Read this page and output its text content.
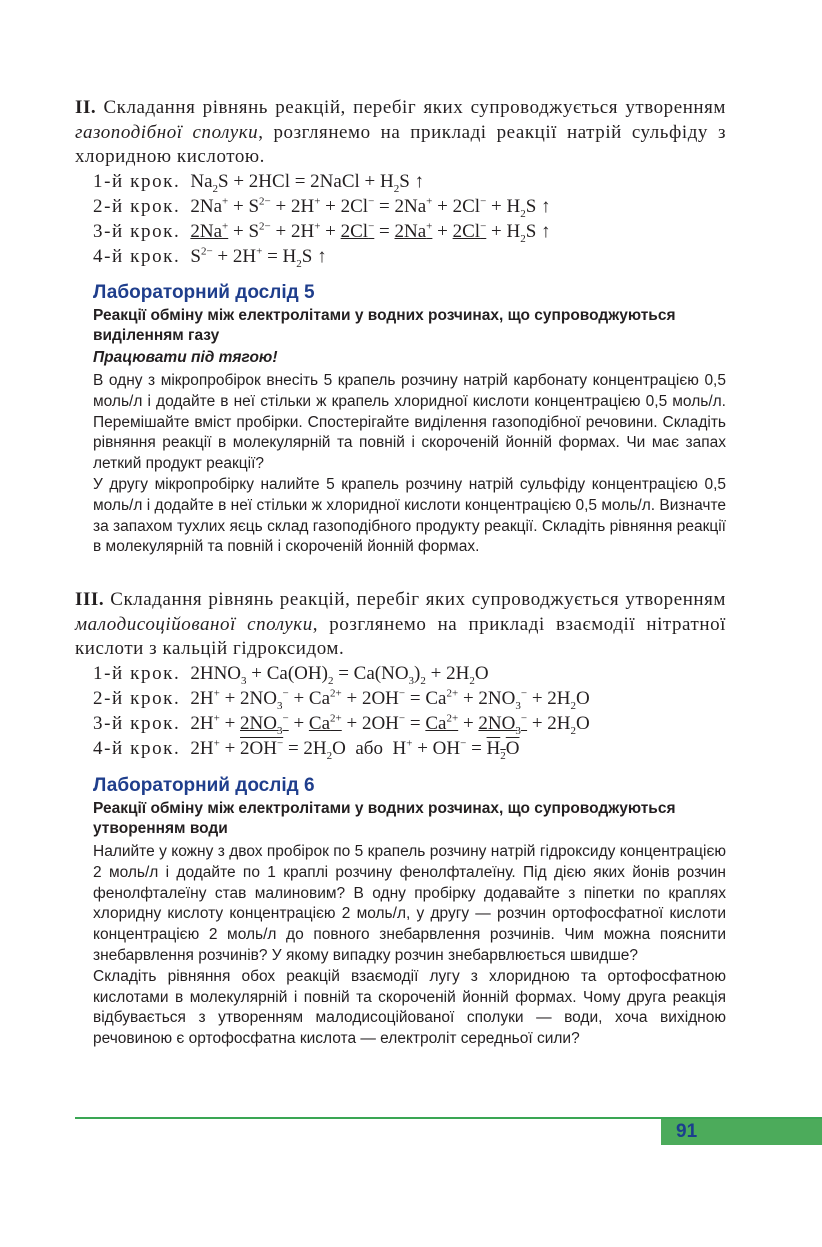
II. Складання рівнянь реакцій, перебіг яких супроводжується утворенням газоподібної сполуки, розглянемо на прикладі реакції натрій сульфіду з хлоридною кислотою.
1-й крок. $Na_2S + 2HCl$ = 2NaCl + $H_2S$ ↑
2-й крок. $2Na^+ + S^{2-} + 2H^+ + 2Cl^- = 2Na^+ + 2Cl^- + H_2S$ ↑
3-й крок. $2Na^+ + S^{2-} + 2H^+ + 2Cl^- = 2Na^+ + 2Cl^- + H_2S$ ↑
4-й крок. $S^{2-} + 2H^+ = H_2S$ ↑
Лабораторний дослід 5
Реакції обміну між електролітами у водних розчинах, що супроводжуються виділенням газу
Працювати під тягою!

В одну з мікропробірок внесіть 5 крапель розчину натрій карбонату концентрацією 0,5 моль/л і додайте в неї стільки ж крапель хлоридної кислоти концентрацією 0,5 моль/л. Перемішайте вміст пробірки. Спостерігайте виділення газоподібної речовини. Складіть рівняння реакції в молекулярній та повній і скороченій йонній формах. Чи має запах леткий продукт реакції?

У другу мікропробірку налийте 5 крапель розчину натрій сульфіду концентрацією 0,5 моль/л і додайте в неї стільки ж хлоридної кислоти концентрацією 0,5 моль/л. Визначте за запахом тухлих яєць склад газоподібного продукту реакції. Складіть рівняння реакції в молекулярній та повній і скороченій йонній формах.

III. Складання рівнянь реакцій, перебіг яких супроводжується утворенням малодисоційованої сполуки, розглянемо на прикладі взаємодії нітратної кислоти з кальцій гідроксидом.
1-й крок. $2HNO_3 + Ca(OH)_2 = Ca(NO_3)_2 + 2H_2O$
2-й крок. $2H^+ + 2NO_3^- + Ca^{2+} + 2OH^- = Ca^{2+} + 2NO_3^- + 2H_2O$
3-й крок. $2H^+ + 2NO_3^- + Ca^{2+} + 2OH^- = Ca^{2+} + 2NO_3^- + 2H_2O$
4-й крок. $2H^+ + 2OH^- = 2H_2O$  або  $H^+ + OH^- = H_2O$
Лабораторний дослід 6
Реакції обміну між електролітами у водних розчинах, що супроводжуються утворенням води

Налийте у кожну з двох пробірок по 5 крапель розчину натрій гідроксиду концентрацією 2 моль/л і додайте по 1 краплі розчину фенолфталеїну. Під дією яких йонів розчин фенолфталеїну став малиновим? В одну пробірку додавайте з піпетки по краплях хлоридну кислоту концентрацією 2 моль/л, у другу — розчин ортофосфатної кислоти концентрацією 2 моль/л до повного знебарвлення розчинів. Чим можна пояснити знебарвлення розчинів? У якому випадку розчин знебарвлюється швидше?

Складіть рівняння обох реакцій взаємодії лугу з хлоридною та ортофосфатною кислотами в молекулярній і повній та скороченій йонній формах. Чому друга реакція відбувається з утворенням малодисоційованої сполуки — води, хоча вихідною речовиною є ортофосфатна кислота — електроліт середньої сили?

91
